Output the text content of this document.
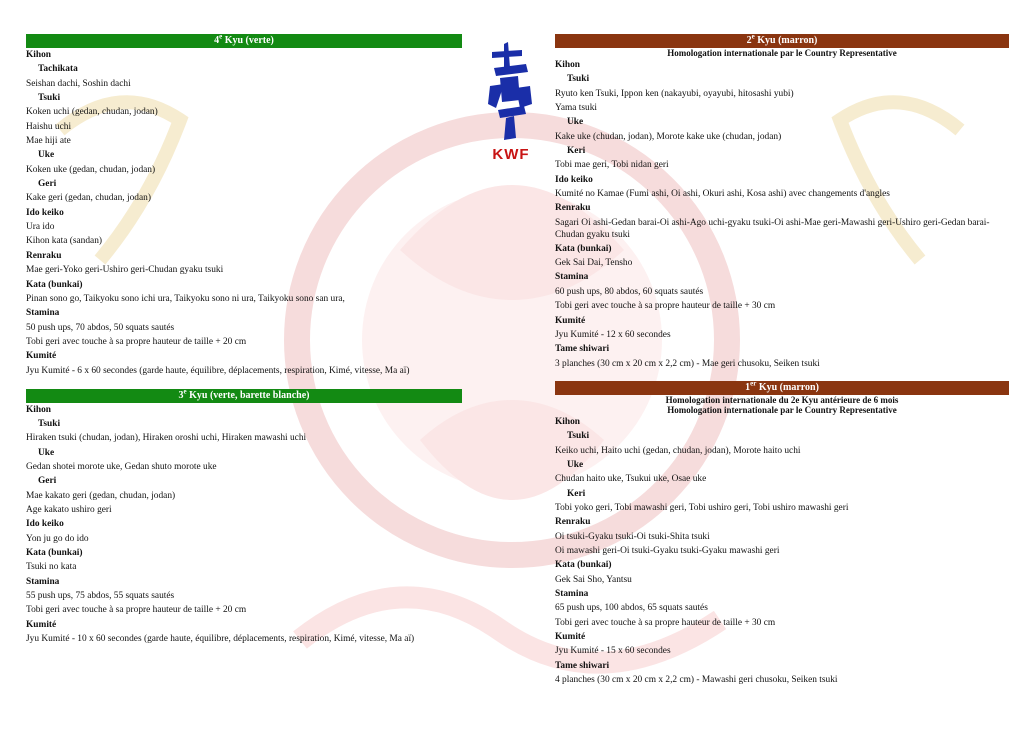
KWF
4e Kyu (verte)
Kihon
Tachikata
Seishan dachi, Soshin dachi
Tsuki
Koken uchi (gedan, chudan, jodan)
Haishu uchi
Mae hiji ate
Uke
Koken uke (gedan, chudan, jodan)
Geri
Kake geri (gedan, chudan, jodan)
Ido keiko
Ura ido
Kihon kata (sandan)
Renraku
Mae geri-Yoko geri-Ushiro geri-Chudan gyaku tsuki
Kata (bunkai)
Pinan sono go, Taikyoku sono ichi ura, Taikyoku sono ni ura, Taikyoku sono san ura,
Stamina
50 push ups, 70 abdos, 50 squats sautés
Tobi geri avec touche à sa propre hauteur de taille + 20 cm
Kumité
Jyu Kumité - 6 x 60 secondes (garde haute, équilibre, déplacements, respiration, Kimé, vitesse, Ma aï)
3e Kyu (verte, barette blanche)
Kihon
Tsuki
Hiraken tsuki (chudan, jodan), Hiraken oroshi uchi, Hiraken mawashi uchi
Uke
Gedan shotei morote uke, Gedan shuto morote uke
Geri
Mae kakato geri (gedan, chudan, jodan)
Age kakato ushiro geri
Ido keiko
Yon ju go do ido
Kata (bunkai)
Tsuki no kata
Stamina
55 push ups, 75 abdos, 55 squats sautés
Tobi geri avec touche à sa propre hauteur de taille + 20 cm
Kumité
Jyu Kumité - 10 x 60 secondes (garde haute, équilibre, déplacements, respiration, Kimé, vitesse, Ma aï)
2e Kyu (marron)
Homologation internationale par le Country Representative
Kihon
Tsuki
Ryuto ken Tsuki, Ippon ken (nakayubi, oyayubi, hitosashi yubi)
Yama tsuki
Uke
Kake uke (chudan, jodan), Morote kake uke (chudan, jodan)
Keri
Tobi mae geri, Tobi nidan geri
Ido keiko
Kumité no Kamae (Fumi ashi, Oi ashi, Okuri ashi, Kosa ashi) avec changements d'angles
Renraku
Sagari Oi ashi-Gedan barai-Oi ashi-Ago uchi-gyaku tsuki-Oi ashi-Mae geri-Mawashi geri-Ushiro geri-Gedan barai-Chudan gyaku tsuki
Kata (bunkai)
Gek Sai Dai, Tensho
Stamina
60 push ups, 80 abdos, 60 squats sautés
Tobi geri avec touche à sa propre hauteur de taille + 30 cm
Kumité
Jyu Kumité - 12 x 60 secondes
Tame shiwari
3 planches (30 cm x 20 cm x 2,2 cm) - Mae geri chusoku, Seiken tsuki
1er Kyu (marron)
Homologation internationale du 2e Kyu antérieure de 6 mois
Homologation internationale par le Country Representative
Kihon
Tsuki
Keiko uchi, Haito uchi (gedan, chudan, jodan), Morote haito uchi
Uke
Chudan haito uke, Tsukui uke, Osae uke
Keri
Tobi yoko geri, Tobi mawashi geri, Tobi ushiro geri, Tobi ushiro mawashi geri
Renraku
Oi tsuki-Gyaku tsuki-Oi tsuki-Shita tsuki
Oi mawashi geri-Oi tsuki-Gyaku tsuki-Gyaku mawashi geri
Kata (bunkai)
Gek Sai Sho, Yantsu
Stamina
65 push ups, 100 abdos, 65 squats sautés
Tobi geri avec touche à sa propre hauteur de taille + 30 cm
Kumité
Jyu Kumité - 15 x 60 secondes
Tame shiwari
4 planches (30 cm x 20 cm x 2,2 cm) - Mawashi geri chusoku, Seiken tsuki
